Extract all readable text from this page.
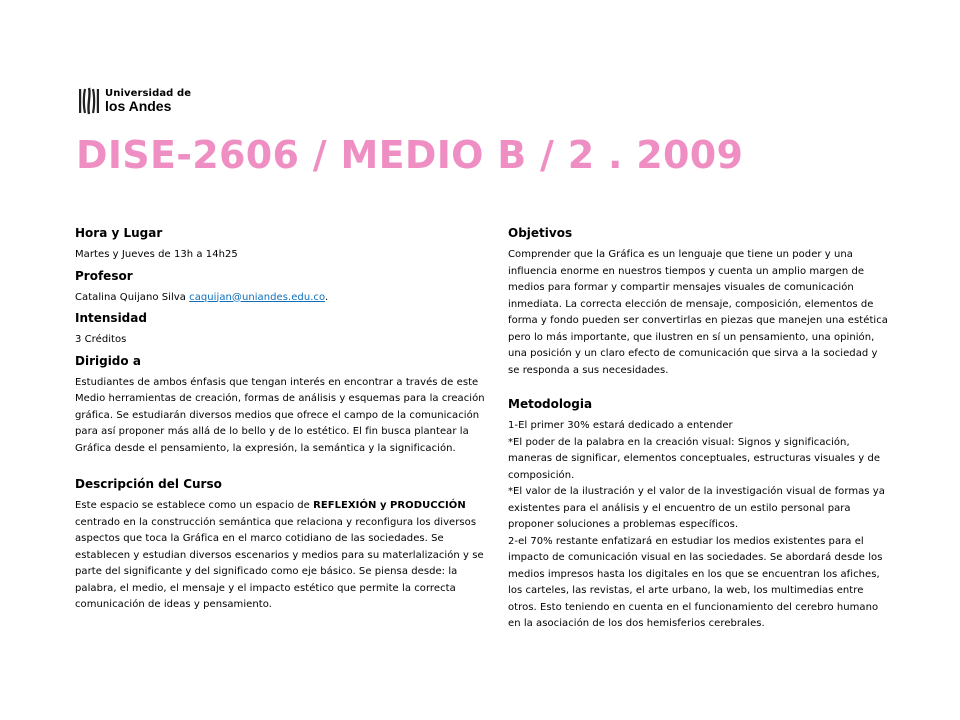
Universidad de
los Andes
DISE-2606 / MEDIO B / 2 . 2009
Hora y Lugar
Martes y Jueves de 13h a 14h25
Profesor
Catalina Quijano Silva caquijan@uniandes.edu.co.
Intensidad
3 Créditos
Dirigido a
Estudiantes de ambos énfasis que tengan interés en encontrar a través de este Medio herramientas de creación, formas de análisis y esquemas para la creación gráfica. Se estudiarán diversos medios que ofrece el campo de la comunicación para así proponer más allá de lo bello y de lo estético. El fin busca plantear la Gráfica desde el pensamiento, la expresión, la semántica y la significación.
Descripción del Curso
Este espacio se establece como un espacio de REFLEXIÓN y PRODUCCIÓN centrado en la construcción semántica que relaciona y reconfigura los diversos aspectos que toca la Gráfica en el marco cotidiano de las sociedades. Se establecen y estudian diversos escenarios y medios para su materlalización y se parte del significante y del significado como eje básico. Se piensa desde: la palabra, el medio, el mensaje y el impacto estético que permite la correcta comunicación de ideas y pensamiento.
Objetivos
Comprender que la Gráfica es un lenguaje que tiene un poder y una influencia enorme en nuestros tiempos y cuenta un amplio margen de medios para formar y compartir mensajes visuales de comunicación inmediata. La correcta elección de mensaje, composición, elementos de forma y fondo pueden ser convertirlas en piezas que manejen una estética pero lo más importante, que ilustren en sí un pensamiento, una opinión, una posición y un claro efecto de comunicación que sirva a la sociedad y se responda a sus necesidades.
Metodologia

1-El primer 30% estará dedicado a entender

*El poder de la palabra en la creación visual: Signos y significación, maneras de significar, elementos conceptuales, estructuras visuales y de composición.

*El valor de la ilustración y el valor de la investigación visual de formas ya existentes para el análisis y el encuentro de un estilo personal para proponer soluciones a problemas específicos.

2-el 70% restante enfatizará en estudiar los medios existentes para el impacto de comunicación visual en las sociedades. Se abordará desde los medios impresos hasta los digitales en los que se encuentran los afiches, los carteles, las revistas, el arte urbano, la web, los multimedias entre otros. Esto teniendo en cuenta en el funcionamiento del cerebro humano en la asociación de los dos hemisferios cerebrales.
